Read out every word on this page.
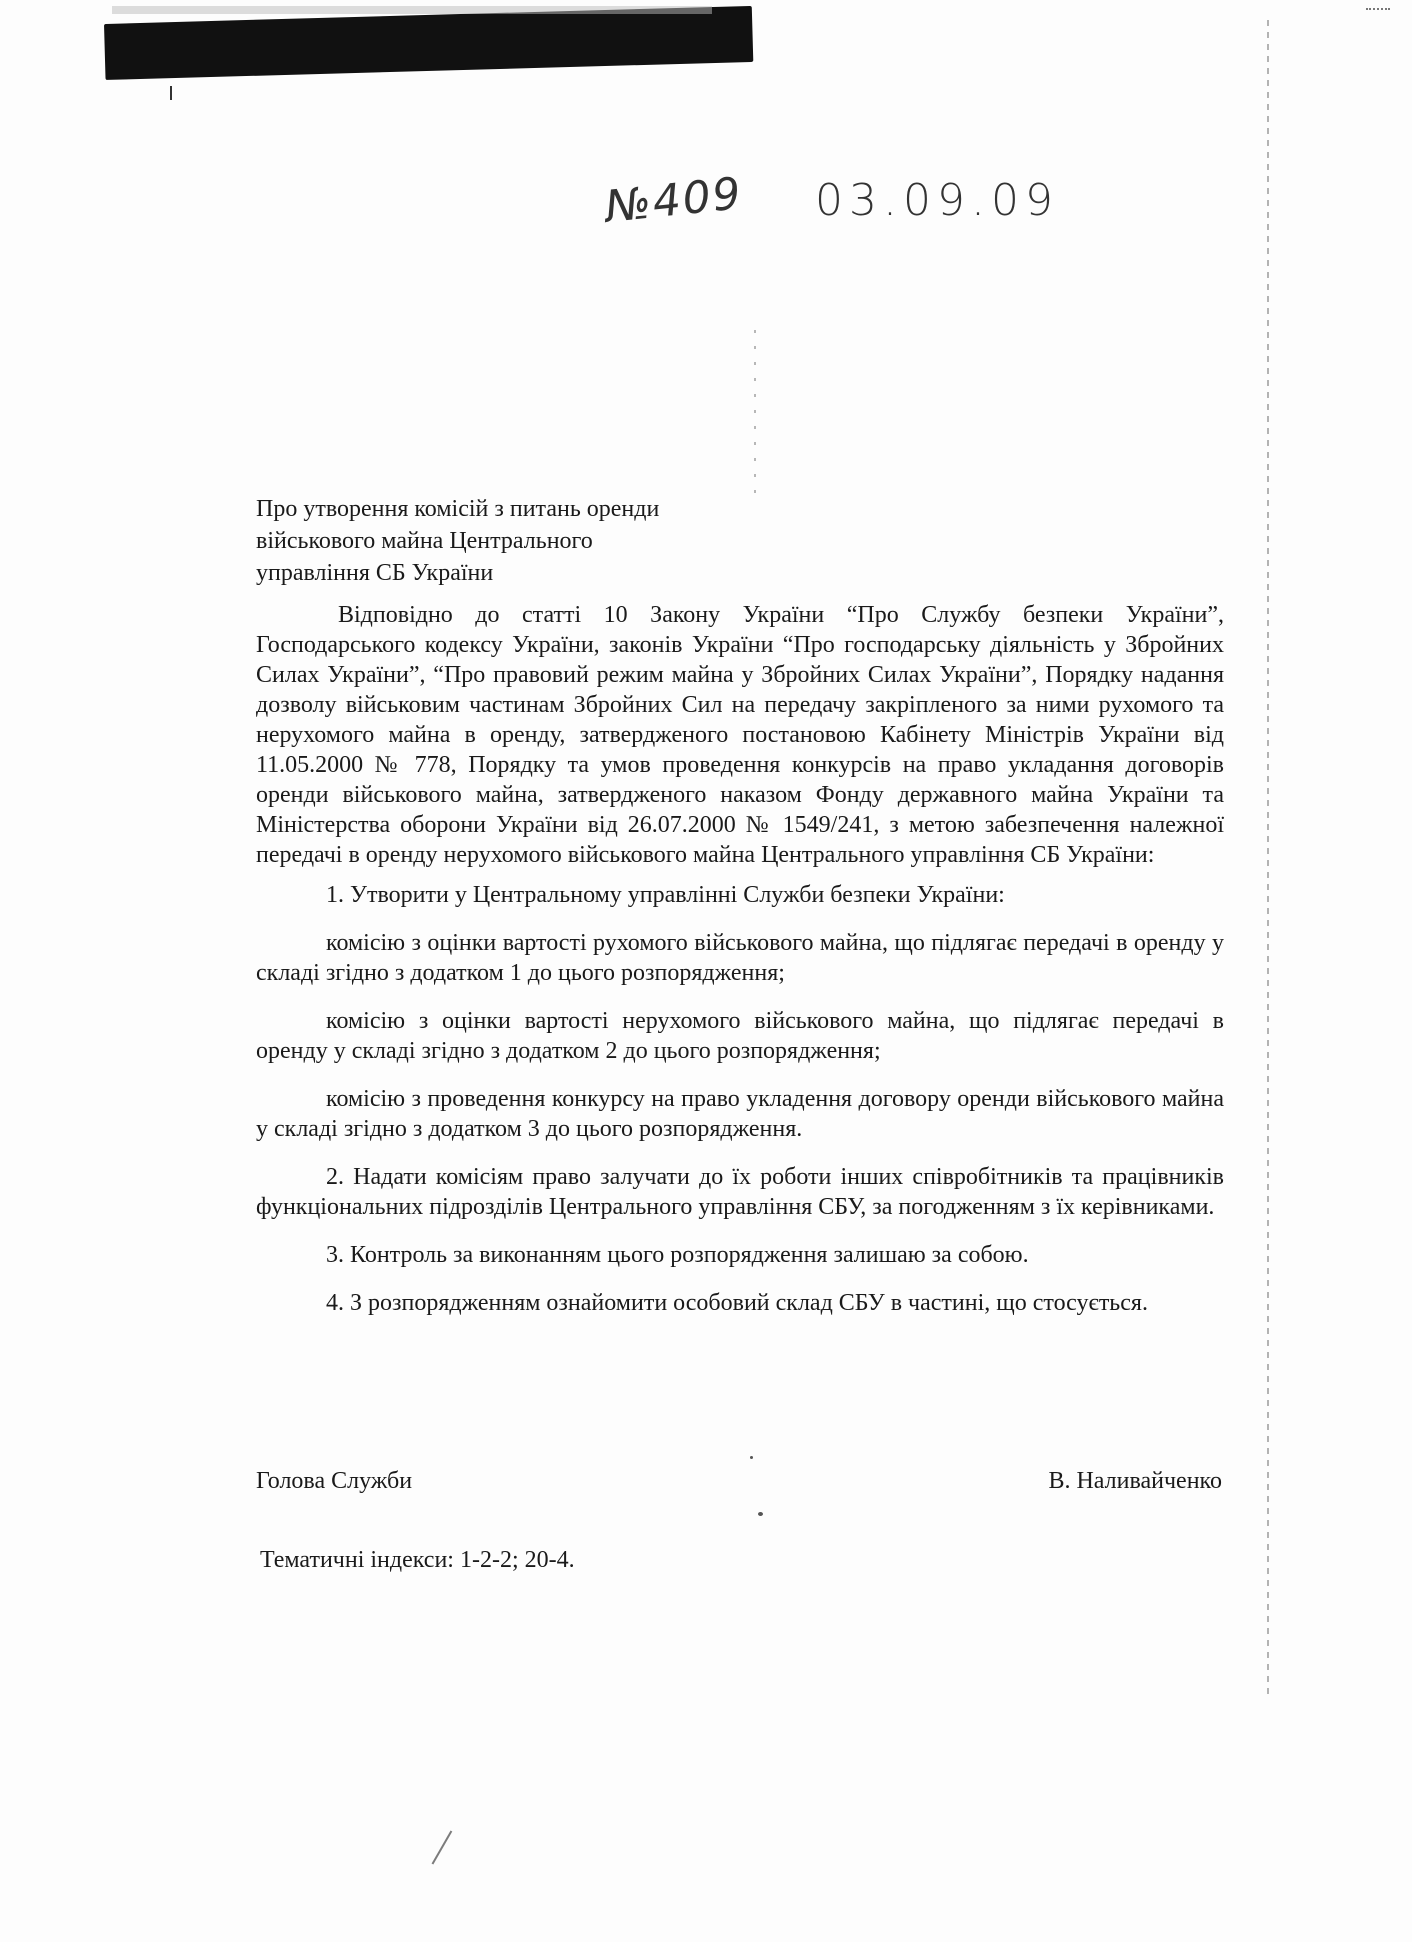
№409 03.09.09
Про утворення комісій з питань оренди
військового майна Центрального
управління СБ України

Відповідно до статті 10 Закону України “Про Службу безпеки України”, Господарського кодексу України, законів України “Про господарську діяльність у Збройних Силах України”, “Про правовий режим майна у Збройних Силах України”, Порядку надання дозволу військовим частинам Збройних Сил на передачу закріпленого за ними рухомого та нерухомого майна в оренду, затвердженого постановою Кабінету Міністрів України від 11.05.2000 № 778, Порядку та умов проведення конкурсів на право укладання договорів оренди військового майна, затвердженого наказом Фонду державного майна України та Міністерства оборони України від 26.07.2000 № 1549/241, з метою забезпечення належної передачі в оренду нерухомого військового майна Центрального управління СБ України:

1. Утворити у Центральному управлінні Служби безпеки України:

комісію з оцінки вартості рухомого військового майна, що підлягає передачі в оренду у складі згідно з додатком 1 до цього розпорядження;

комісію з оцінки вартості нерухомого військового майна, що підлягає передачі в оренду у складі згідно з додатком 2 до цього розпорядження;

комісію з проведення конкурсу на право укладення договору оренди військового майна у складі згідно з додатком 3 до цього розпорядження.

2. Надати комісіям право залучати до їх роботи інших співробітників та працівників функціональних підрозділів Центрального управління СБУ, за погодженням з їх керівниками.

3. Контроль за виконанням цього розпорядження залишаю за собою.

4. З розпорядженням ознайомити особовий склад СБУ в частині, що стосується.

Голова Служби	В. Наливайченко
Тематичні індекси: 1-2-2; 20-4.
